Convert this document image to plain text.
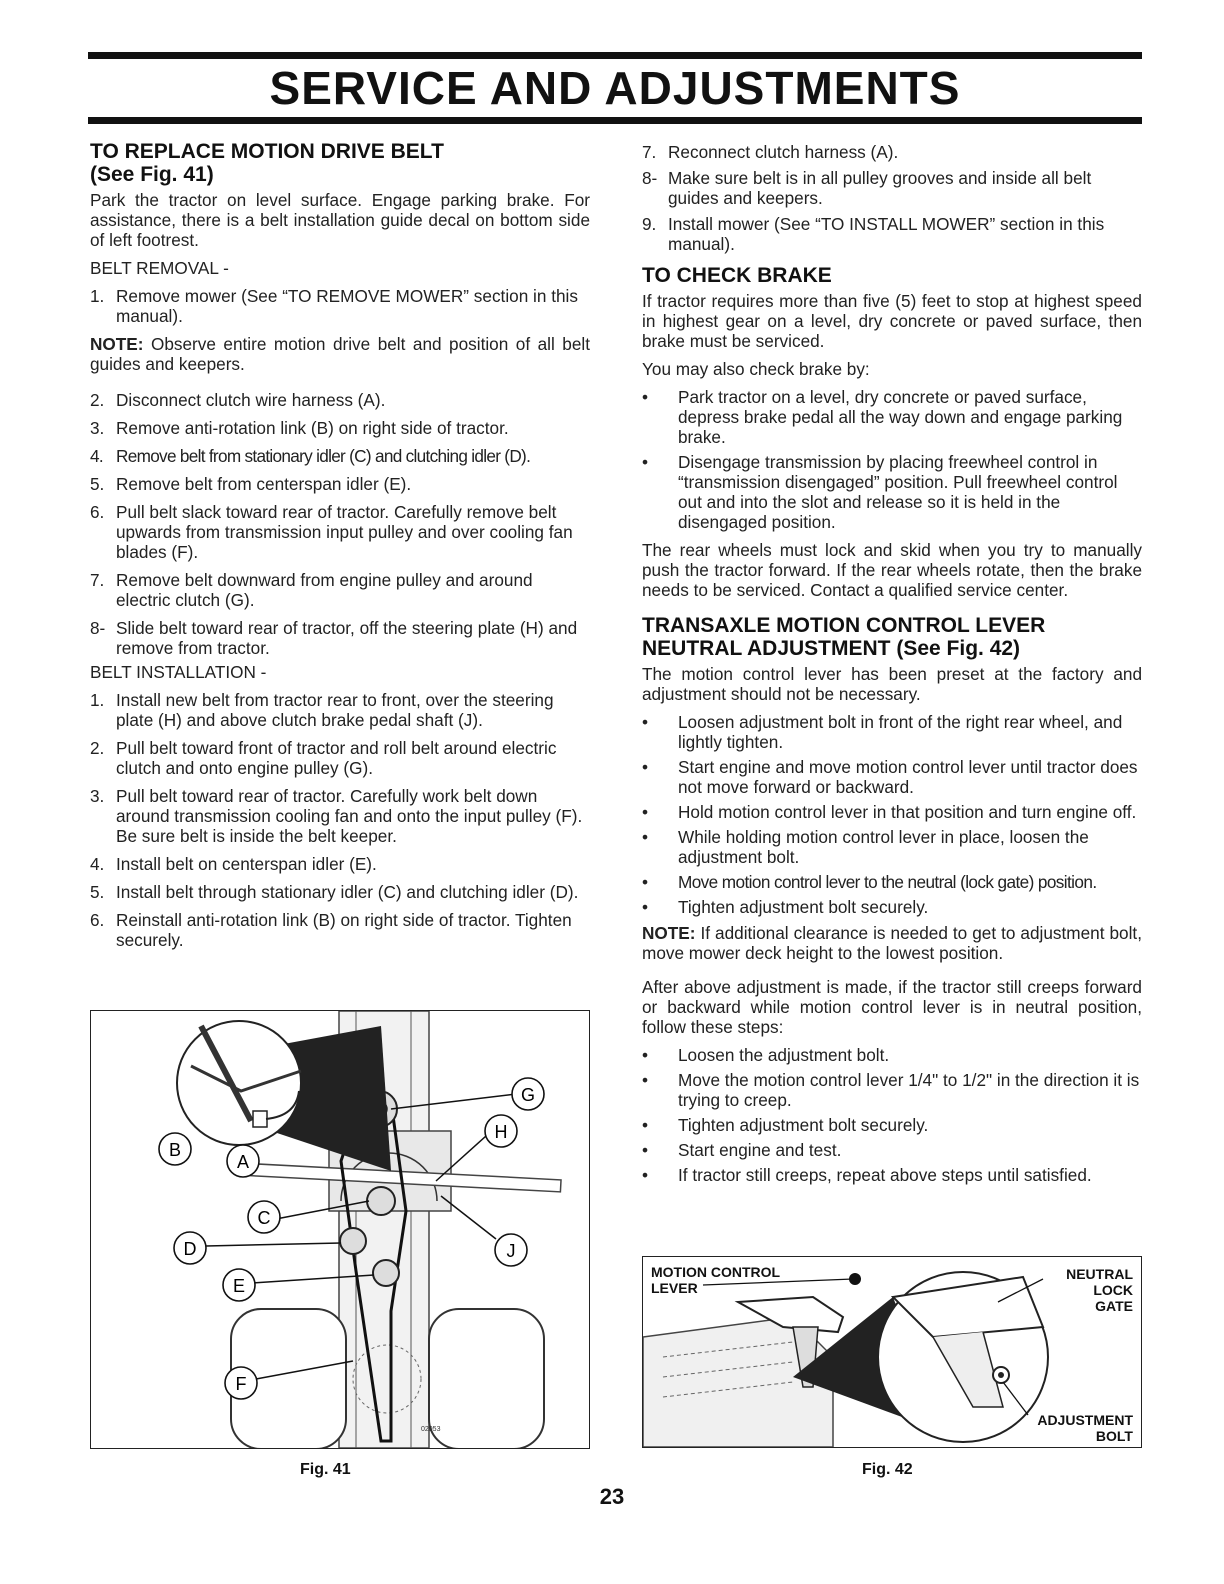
SERVICE AND ADJUSTMENTS
TO REPLACE MOTION DRIVE BELT
(See Fig. 41)

Park the tractor on level surface. Engage parking brake. For assistance, there is a belt installation guide decal on bottom side of left footrest.

BELT REMOVAL -
1. Remove mower (See “TO REMOVE MOWER” section in this manual).

NOTE: Observe entire motion drive belt and position of all belt guides and keepers.

2. Disconnect clutch wire harness (A).
3. Remove anti-rotation link (B) on right side of tractor.
4. Remove belt from stationary idler (C) and clutching idler (D).
5. Remove belt from centerspan idler (E).
6. Pull belt slack toward rear of tractor. Carefully remove belt upwards from transmission input pulley and over cooling fan blades (F).
7. Remove belt downward from engine pulley and around electric clutch (G).
8- Slide belt toward rear of tractor, off the steering plate (H) and remove from tractor.
BELT INSTALLATION -
1. Install new belt from tractor rear to front, over the steering plate (H) and above clutch brake pedal shaft (J).
2. Pull belt toward front of tractor and roll belt around electric clutch and onto engine pulley (G).
3. Pull belt toward rear of tractor. Carefully work belt down around transmission cooling fan and onto the input pulley (F). Be sure belt is inside the belt keeper.
4. Install belt on centerspan idler (E).
5. Install belt through stationary idler (C) and clutching idler (D).
6. Reinstall anti-rotation link (B) on right side of tractor. Tighten securely.
G
H
B
A
C
D	J
E
F
02053
Fig. 41
7. Reconnect clutch harness (A).
8- Make sure belt is in all pulley grooves and inside all belt guides and keepers.
9. Install mower (See “TO INSTALL MOWER” section in this manual).
TO CHECK BRAKE

If tractor requires more than five (5) feet to stop at highest speed in highest gear on a level, dry concrete or paved surface, then brake must be serviced.

You may also check brake by:

• Park tractor on a level, dry concrete or paved surface, depress brake pedal all the way down and engage parking brake.
• Disengage transmission by placing freewheel control in “transmission disengaged” position. Pull freewheel control out and into the slot and release so it is held in the disengaged position.

The rear wheels must lock and skid when you try to manually push the tractor forward. If the rear wheels rotate, then the brake needs to be serviced. Contact a qualified service center.

TRANSAXLE MOTION CONTROL LEVER
NEUTRAL ADJUSTMENT (See Fig. 42)

The motion control lever has been preset at the factory and adjustment should not be necessary.

• Loosen adjustment bolt in front of the right rear wheel, and lightly tighten.
• Start engine and move motion control lever until tractor does not move forward or backward.
• Hold motion control lever in that position and turn engine off.
• While holding motion control lever in place, loosen the adjustment bolt.
• Move motion control lever to the neutral (lock gate) position.
• Tighten adjustment bolt securely.

NOTE: If additional clearance is needed to get to adjustment bolt, move mower deck height to the lowest position.

After above adjustment is made, if the tractor still creeps forward or backward while motion control lever is in neutral position, follow these steps:

• Loosen the adjustment bolt.
• Move the motion control lever 1/4" to 1/2" in the direction it is trying to creep.
• Tighten adjustment bolt securely.
• Start engine and test.
• If tractor still creeps, repeat above steps until satisfied.
MOTION CONTROL
LEVER
NEUTRAL
LOCK
GATE
ADJUSTMENT
BOLT
Fig. 42
23
